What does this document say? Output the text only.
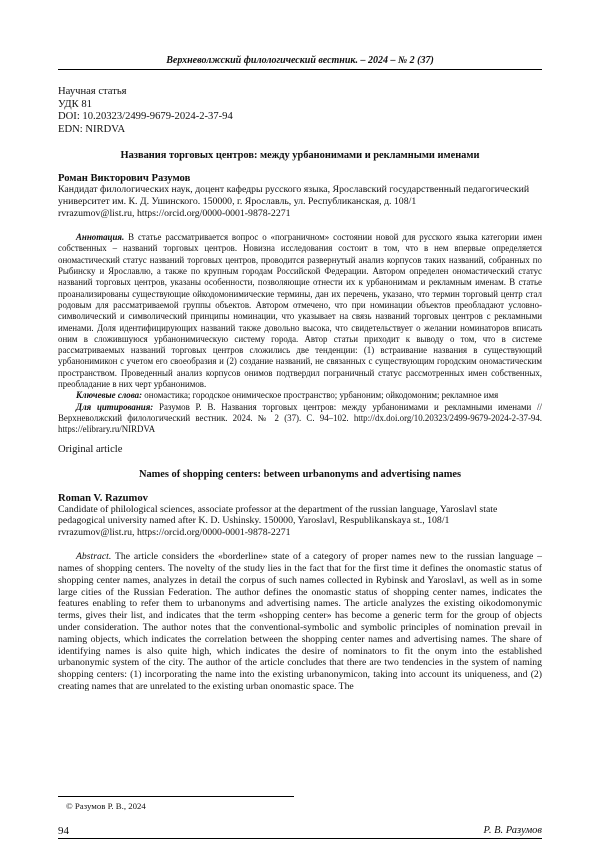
Верхневолжский филологический вестник. – 2024 – № 2 (37)
Научная статья
УДК 81
DOI: 10.20323/2499-9679-2024-2-37-94
EDN: NIRDVA
Названия торговых центров: между урбанонимами и рекламными именами
Роман Викторович Разумов
Кандидат филологических наук, доцент кафедры русского языка, Ярославский государственный педагогический университет им. К. Д. Ушинского. 150000, г. Ярославль, ул. Республиканская, д. 108/1
rvrazumov@list.ru, https://orcid.org/0000-0001-9878-2271
Аннотация. В статье рассматривается вопрос о «пограничном» состоянии новой для русского языка категории имен собственных – названий торговых центров. Новизна исследования состоит в том, что в нем впервые определяется ономастический статус названий торговых центров, проводится развернутый анализ корпусов таких названий, собранных по Рыбинску и Ярославлю, а также по крупным городам Российской Федерации. Автором определен ономастический статус названий торговых центров, указаны особенности, позволяющие отнести их к урбанонимам и рекламным именам. В статье проанализированы существующие ойкодомонимические термины, дан их перечень, указано, что термин торговый центр стал родовым для рассматриваемой группы объектов. Автором отмечено, что при номинации объектов преобладают условно-символический и символический принципы номинации, что указывает на связь названий торговых центров с рекламными именами. Доля идентифицирующих названий также довольно высока, что свидетельствует о желании номинаторов вписать оним в сложившуюся урбанонимическую систему города. Автор статьи приходит к выводу о том, что в системе рассматриваемых названий торговых центров сложились две тенденции: (1) встраивание названия в существующий урбанонимикон с учетом его своеобразия и (2) создание названий, не связанных с существующим городским ономастическим пространством. Проведенный анализ корпусов онимов подтвердил пограничный статус рассмотренных имен собственных, преобладание в них черт урбанонимов.
Ключевые слова: ономастика; городское онимическое пространство; урбаноним; ойкодомоним; рекламное имя
Для цитирования: Разумов Р. В. Названия торговых центров: между урбанонимами и рекламными именами // Верхневолжский филологический вестник. 2024. № 2 (37). С. 94–102. http://dx.doi.org/10.20323/2499-9679-2024-2-37-94. https://elibrary.ru/NIRDVA
Original article
Names of shopping centers: between urbanonyms and advertising names
Roman V. Razumov
Candidate of philological sciences, associate professor at the department of the russian language, Yaroslavl state pedagogical university named after K. D. Ushinsky. 150000, Yaroslavl, Respublikanskaya st., 108/1
rvrazumov@list.ru, https://orcid.org/0000-0001-9878-2271
Abstract. The article considers the «borderline» state of a category of proper names new to the russian language – names of shopping centers. The novelty of the study lies in the fact that for the first time it defines the onomastic status of shopping center names, analyzes in detail the corpus of such names collected in Rybinsk and Yaroslavl, as well as in some large cities of the Russian Federation. The author defines the onomastic status of shopping center names, indicates the features enabling to refer them to urbanonyms and advertising names. The article analyzes the existing oikodomonymic terms, gives their list, and indicates that the term «shopping center» has become a generic term for the group of objects under consideration. The author notes that the conventional-symbolic and symbolic principles of nomination prevail in naming objects, which indicates the correlation between the shopping center names and advertising names. The share of identifying names is also quite high, which indicates the desire of nominators to fit the onym into the established urbanonymic system of the city. The author of the article concludes that there are two tendencies in the system of naming shopping centers: (1) incorporating the name into the existing urbanonymicon, taking into account its uniqueness, and (2) creating names that are unrelated to the existing urban onomastic space. The
© Разумов Р. В., 2024
94	Р. В. Разумов
